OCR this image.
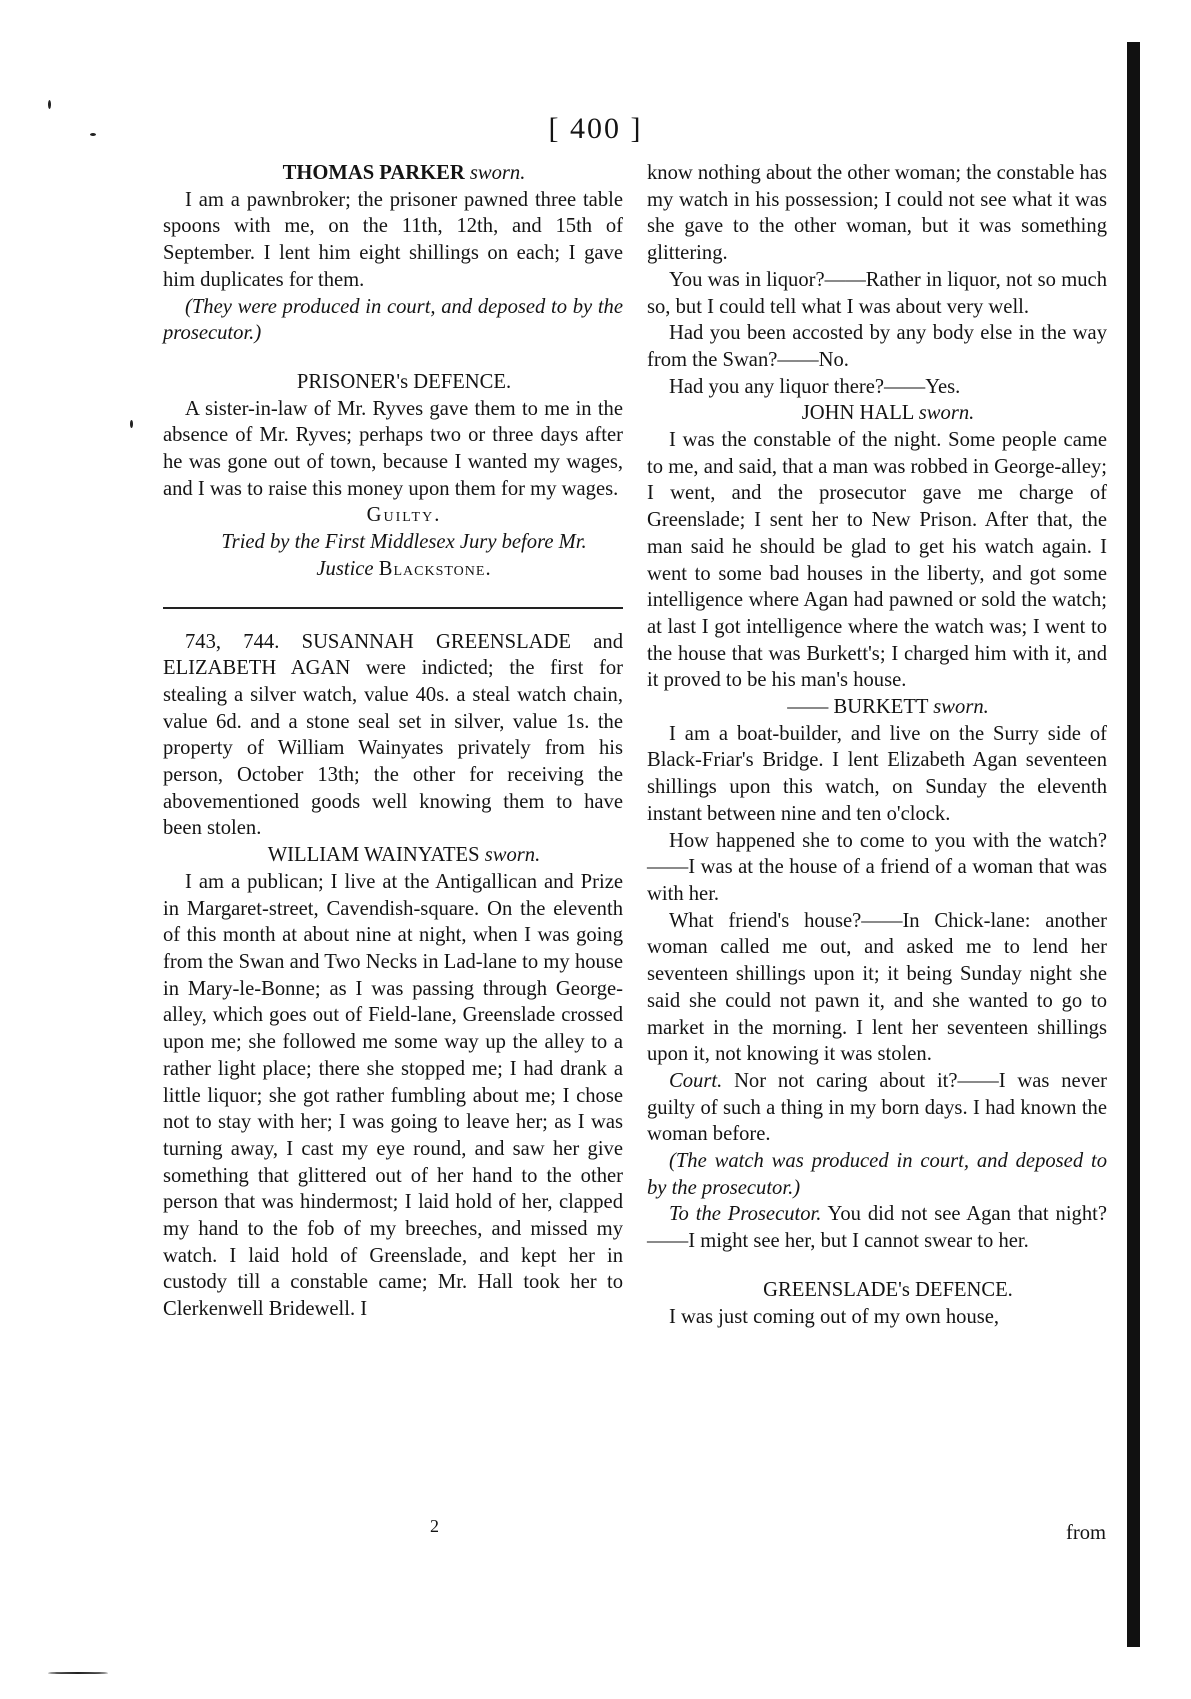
[ 400 ]

THOMAS PARKER sworn.

I am a pawnbroker; the prisoner pawned three table spoons with me, on the 11th, 12th, and 15th of September. I lent him eight shillings on each; I gave him duplicates for them.

(They were produced in court, and deposed to by the prosecutor.)

PRISONER's DEFENCE.

A sister-in-law of Mr. Ryves gave them to me in the absence of Mr. Ryves; perhaps two or three days after he was gone out of town, because I wanted my wages, and I was to raise this money upon them for my wages.

Guilty.

Tried by the First Middlesex Jury before Mr.

Justice Blackstone.

743, 744. SUSANNAH GREENSLADE and ELIZABETH AGAN were indicted; the first for stealing a silver watch, value 40s. a steal watch chain, value 6d. and a stone seal set in silver, value 1s. the property of William Wainyates privately from his person, October 13th; the other for receiving the abovementioned goods well knowing them to have been stolen.

WILLIAM WAINYATES sworn.

I am a publican; I live at the Antigallican and Prize in Margaret-street, Cavendish-square. On the eleventh of this month at about nine at night, when I was going from the Swan and Two Necks in Lad-lane to my house in Mary-le-Bonne; as I was passing through George-alley, which goes out of Field-lane, Greenslade crossed upon me; she followed me some way up the alley to a rather light place; there she stopped me; I had drank a little liquor; she got rather fumbling about me; I chose not to stay with her; I was going to leave her; as I was turning away, I cast my eye round, and saw her give something that glittered out of her hand to the other person that was hindermost; I laid hold of her, clapped my hand to the fob of my breeches, and missed my watch. I laid hold of Greenslade, and kept her in custody till a constable came; Mr. Hall took her to Clerkenwell Bridewell. I

know nothing about the other woman; the constable has my watch in his possession; I could not see what it was she gave to the other woman, but it was something glittering.

You was in liquor?——Rather in liquor, not so much so, but I could tell what I was about very well.

Had you been accosted by any body else in the way from the Swan?——No.

Had you any liquor there?——Yes.

JOHN HALL sworn.

I was the constable of the night. Some people came to me, and said, that a man was robbed in George-alley; I went, and the prosecutor gave me charge of Greenslade; I sent her to New Prison. After that, the man said he should be glad to get his watch again. I went to some bad houses in the liberty, and got some intelligence where Agan had pawned or sold the watch; at last I got intelligence where the watch was; I went to the house that was Burkett's; I charged him with it, and it proved to be his man's house.

—— BURKETT sworn.

I am a boat-builder, and live on the Surry side of Black-Friar's Bridge. I lent Elizabeth Agan seventeen shillings upon this watch, on Sunday the eleventh instant between nine and ten o'clock.

How happened she to come to you with the watch?——I was at the house of a friend of a woman that was with her.

What friend's house?——In Chick-lane: another woman called me out, and asked me to lend her seventeen shillings upon it; it being Sunday night she said she could not pawn it, and she wanted to go to market in the morning. I lent her seventeen shillings upon it, not knowing it was stolen.

Court. Nor not caring about it?——I was never guilty of such a thing in my born days. I had known the woman before.

(The watch was produced in court, and deposed to by the prosecutor.)

To the Prosecutor. You did not see Agan that night?——I might see her, but I cannot swear to her.

GREENSLADE's DEFENCE.

I was just coming out of my own house,

2	from
